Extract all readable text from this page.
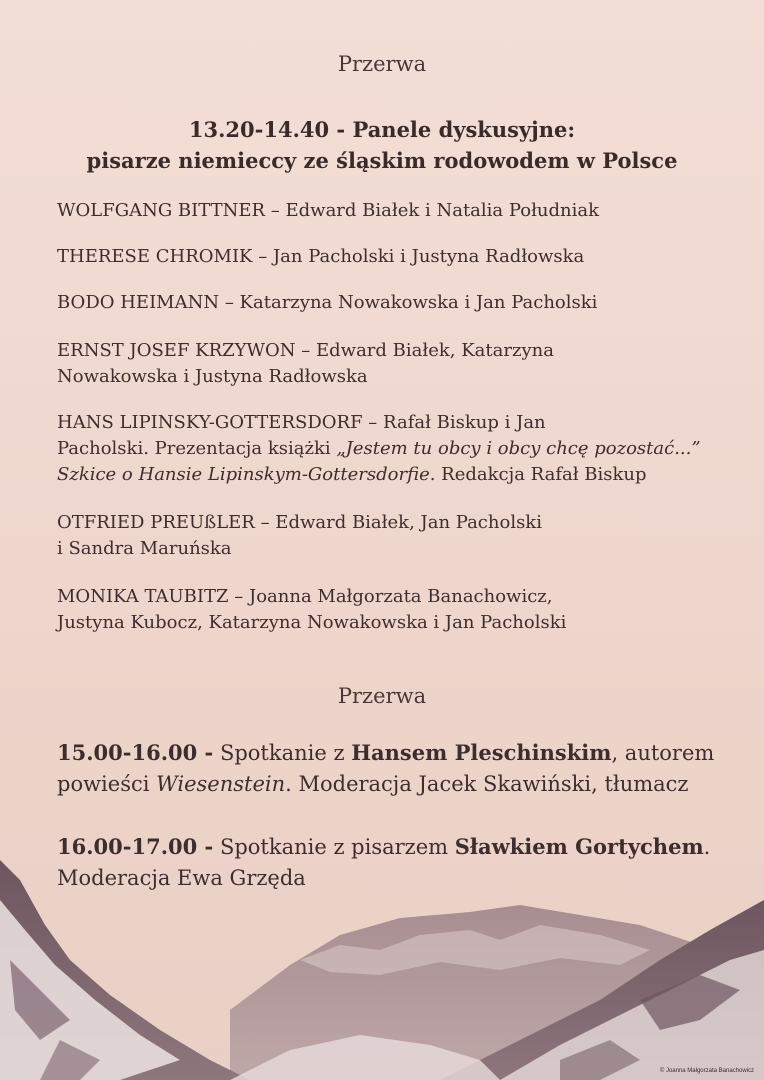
Przerwa
13.20-14.40 - Panele dyskusyjne:
pisarze niemieccy ze śląskim rodowodem w Polsce
WOLFGANG BITTNER – Edward Białek i Natalia Południak
THERESE CHROMIK – Jan Pacholski i Justyna Radłowska
BODO HEIMANN – Katarzyna Nowakowska i Jan Pacholski
ERNST JOSEF KRZYWON – Edward Białek, Katarzyna
Nowakowska i Justyna Radłowska
HANS LIPINSKY-GOTTERSDORF – Rafał Biskup i Jan
Pacholski. Prezentacja książki „Jestem tu obcy i obcy chcę pozostać...”
Szkice o Hansie Lipinskym-Gottersdorfie. Redakcja Rafał Biskup
OTFRIED PREUßLER – Edward Białek, Jan Pacholski
i Sandra Maruńska
MONIKA TAUBITZ – Joanna Małgorzata Banachowicz,
Justyna Kubocz, Katarzyna Nowakowska i Jan Pacholski
Przerwa
15.00-16.00 - Spotkanie z Hansem Pleschinskim, autorem
powieści Wiesenstein. Moderacja Jacek Skawiński, tłumacz
16.00-17.00 - Spotkanie z pisarzem Sławkiem Gortychem.
Moderacja Ewa Grzęda
© Joanna Małgorzata Banachowicz
